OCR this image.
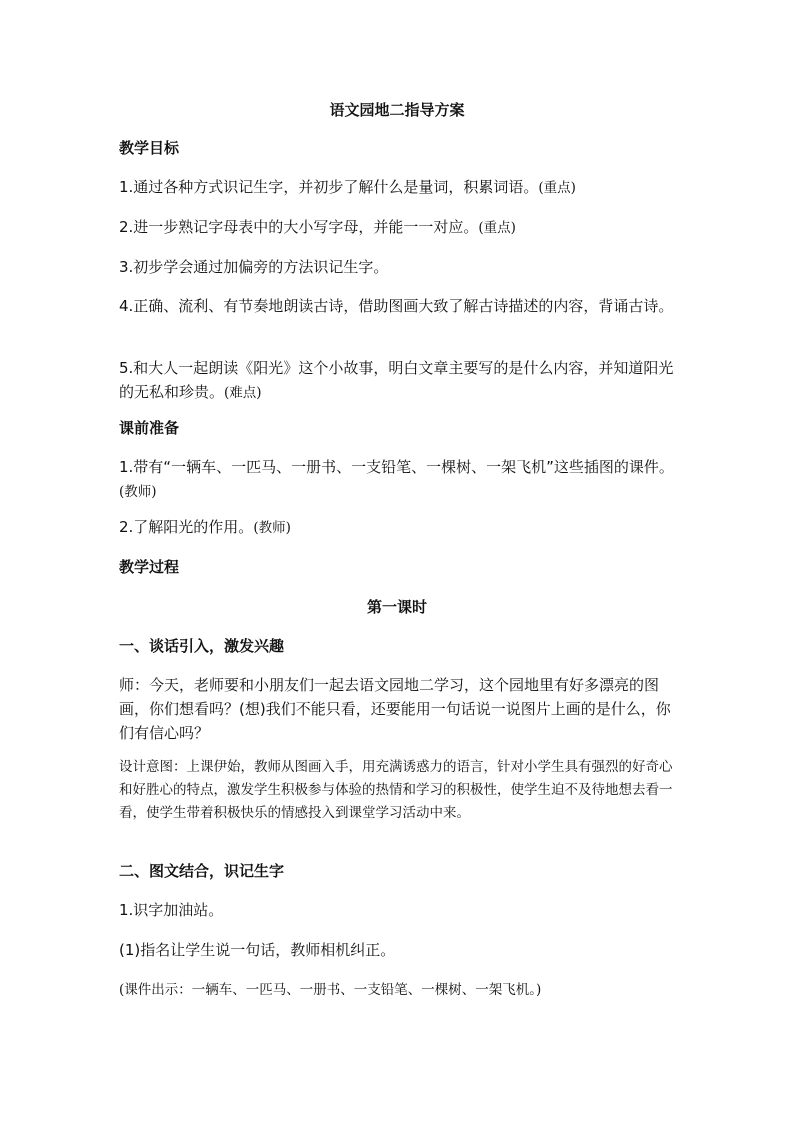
语文园地二指导方案
教学目标
1.通过各种方式识记生字，并初步了解什么是量词，积累词语。(重点)
2.进一步熟记字母表中的大小写字母，并能一一对应。(重点)
3.初步学会通过加偏旁的方法识记生字。
4.正确、流利、有节奏地朗读古诗，借助图画大致了解古诗描述的内容，背诵古诗。
5.和大人一起朗读《阳光》这个小故事，明白文章主要写的是什么内容，并知道阳光的无私和珍贵。(难点)
课前准备
1.带有“一辆车、一匹马、一册书、一支铅笔、一棵树、一架飞机”这些插图的课件。(教师)
2.了解阳光的作用。(教师)
教学过程
第一课时
一、谈话引入，激发兴趣
师：今天，老师要和小朋友们一起去语文园地二学习，这个园地里有好多漂亮的图画，你们想看吗？(想)我们不能只看，还要能用一句话说一说图片上画的是什么，你们有信心吗？
设计意图：上课伊始，教师从图画入手，用充满诱惑力的语言，针对小学生具有强烈的好奇心和好胜心的特点，激发学生积极参与体验的热情和学习的积极性，使学生迫不及待地想去看一看，使学生带着积极快乐的情感投入到课堂学习活动中来。
二、图文结合，识记生字
1.识字加油站。
(1)指名让学生说一句话，教师相机纠正。
(课件出示：一辆车、一匹马、一册书、一支铅笔、一棵树、一架飞机。)
